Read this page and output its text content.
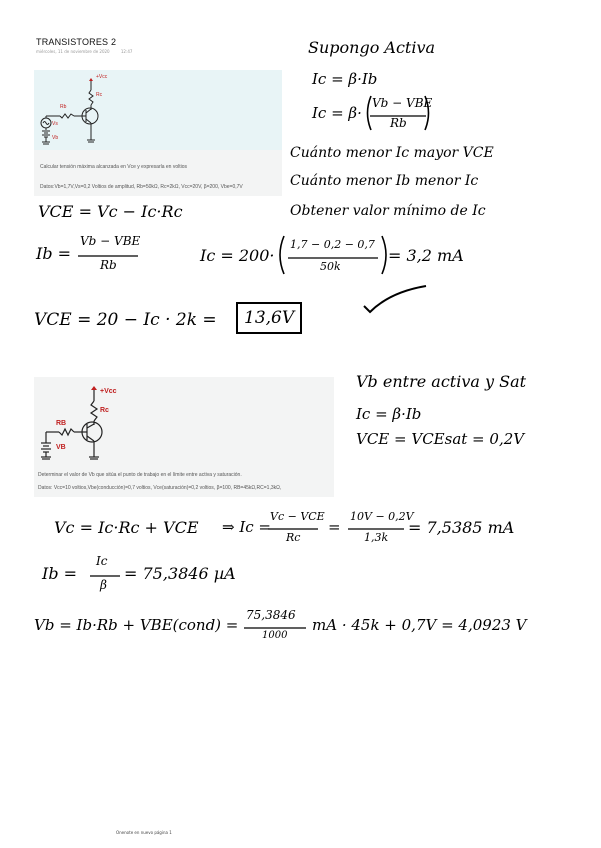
TRANSISTORES 2
miércoles, 11 de noviembre de 2020	12:47
+Vcc
Rc
Rb
Vs
Vb
Calcular tensión máxima alcanzada en Vce y expresarla en voltios
Datos:Vb=1,7V,Vs=0,2 Voltios de amplitud, Rb=50kΩ, Rc=2kΩ, Vcc=20V, β=200, Vbe=0,7V
Supongo Activa
Ic = β·Ib
Ic = β·
Vb − VBE
Rb
Cuánto menor Ic mayor VCE
Cuánto menor Ib menor Ic
Obtener valor mínimo de Ic
VCE = Vc − Ic·Rc
Ib =
Vb − VBE
Rb	Ic = 200·
1,7 − 0,2 − 0,7
50k
= 3,2 mA
VCE = 20 − Ic · 2k =	13,6V
+Vcc
Rc
RB
VB
Determinar el valor de Vb que sitúa el punto de trabajo en el límite entre activa y saturación.
Datos: Vcc=10 voltios,Vbe(conducción)=0,7 voltios, Vce(saturación)=0,2 voltios, β=100, RB=45kΩ,RC=1,3kΩ,
Vb entre activa y Sat
Ic = β·Ib
VCE = VCEsat = 0,2V
Vc = Ic·Rc + VCE ⇒ Ic =
Vc − VCE
Rc
=
10V − 0,2V
1,3k
= 7,5385 mA
Ib =
Ic
β
= 75,3846 µA
Vb = Ib·Rb + VBE(cond) =
75,3846
1000
mA · 45k + 0,7V = 4,0923 V
Onenote en nuevo página 1
